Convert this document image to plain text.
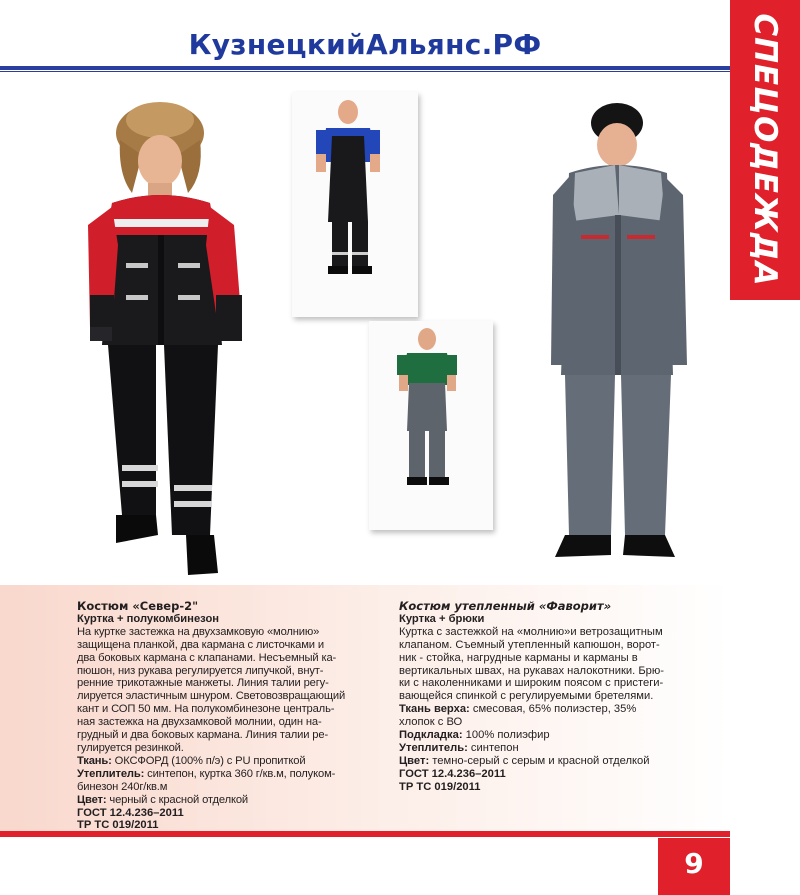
КузнецкийАльянс.РФ	СПЕЦОДЕЖДА
Костюм «Север-2"
Куртка + полукомбинезон
На куртке застежка на двухзамковую «молнию»
защищена планкой, два кармана с листочками и
два боковых кармана с клапанами. Несъемный ка-
пюшон, низ рукава регулируется липучкой, внут-
ренние трикотажные манжеты. Линия талии регу-
лируется эластичным шнуром. Световозвращающий
кант и СОП 50 мм. На полукомбинезоне централь-
ная застежка на двухзамковой молнии, один на-
грудный и два боковых кармана. Линия талии ре-
гулируется резинкой.
Ткань: ОКСФОРД (100% п/э) с PU пропиткой
Утеплитель: синтепон, куртка 360 г/кв.м, полуком-
бинезон 240г/кв.м
Цвет: черный с красной отделкой
ГОСТ 12.4.236–2011
ТР ТС 019/2011
Костюм утепленный «Фаворит»
Куртка + брюки
Куртка с застежкой на «молнию»и ветрозащитным
клапаном. Съемный утепленный капюшон, ворот-
ник - стойка, нагрудные карманы и карманы в
вертикальных швах, на рукавах налокотники. Брю-
ки с наколенниками и широким поясом с пристеги-
вающейся спинкой с регулируемыми бретелями.
Ткань верха: смесовая, 65% полиэстер, 35%
хлопок с ВО
Подкладка: 100% полиэфир
Утеплитель: синтепон
Цвет: темно-серый с серым и красной отделкой
ГОСТ 12.4.236–2011
ТР ТС 019/2011
9
